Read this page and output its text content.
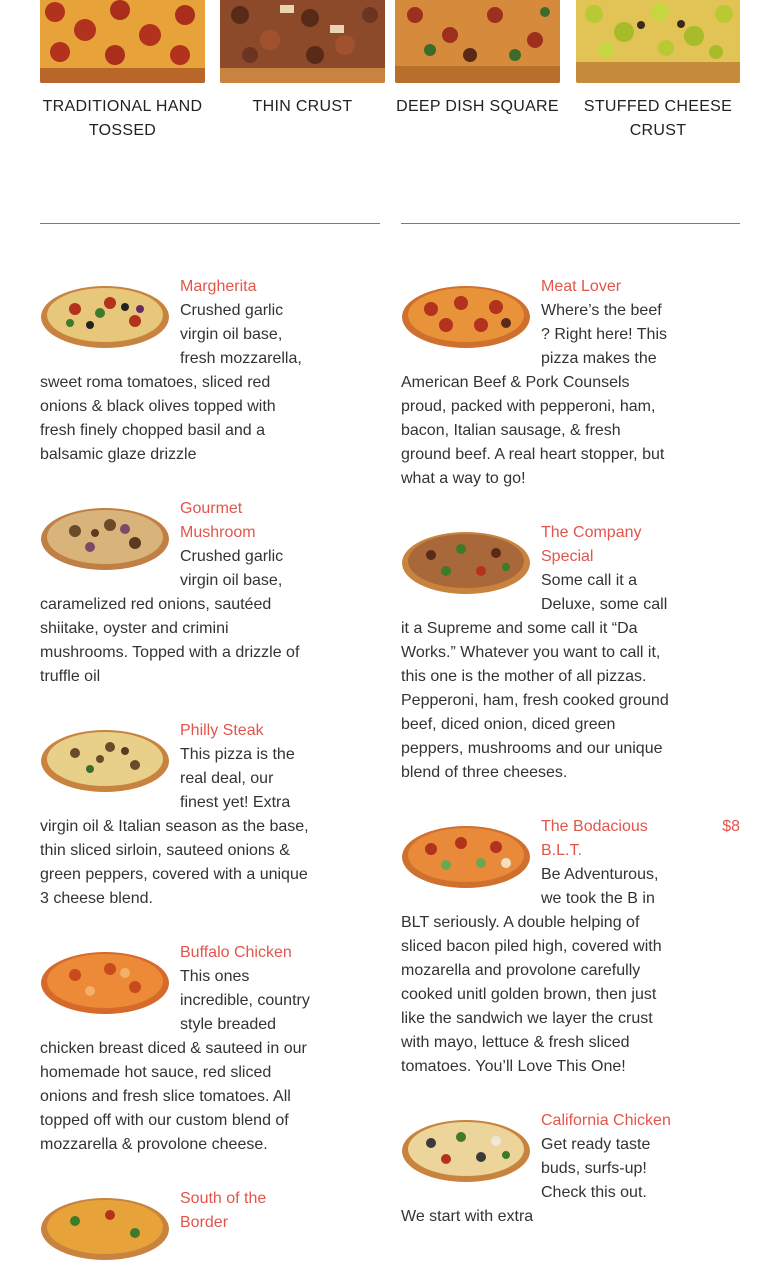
TRADITIONAL HAND TOSSED
THIN CRUST	DEEP DISH SQUARE	STUFFED CHEESE CRUST
Margherita
Crushed garlic virgin oil base, fresh mozzarella, sweet roma tomatoes, sliced red onions & black olives topped with fresh finely chopped basil and a balsamic glaze drizzle
Gourmet Mushroom
Crushed garlic virgin oil base, caramelized red onions, sautéed shiitake, oyster and crimini mushrooms. Topped with a drizzle of truffle oil
Philly Steak
This pizza is the real deal, our finest yet! Extra virgin oil & Italian season as the base, thin sliced sirloin, sauteed onions & green peppers, covered with a unique 3 cheese blend.
Buffalo Chicken
This ones incredible, country style breaded chicken breast diced & sauteed in our homemade hot sauce, red sliced onions and fresh slice tomatoes. All topped off with our custom blend of mozzarella & provolone cheese.
South of the Border
Meat Lover
Where’s the beef ? Right here! This pizza makes the American Beef & Pork Counsels proud, packed with pepperoni, ham, bacon, Italian sausage, & fresh ground beef. A real heart stopper, but what a way to go!
The Company Special
Some call it a Deluxe, some call it a Supreme and some call it “Da Works.” Whatever you want to call it, this one is the mother of all pizzas. Pepperoni, ham, fresh cooked ground beef, diced onion, diced green peppers, mushrooms and our unique blend of three cheeses.
The Bodacious B.L.T.
Be Adventurous, we took the B in BLT seriously. A double helping of sliced bacon piled high, covered with mozarella and provolone carefully cooked unitl golden brown, then just like the sandwich we layer the crust with mayo, lettuce & fresh sliced tomatoes. You’ll Love This One!
California Chicken
Get ready taste buds, surfs-up! Check this out. We start with extra
$8
